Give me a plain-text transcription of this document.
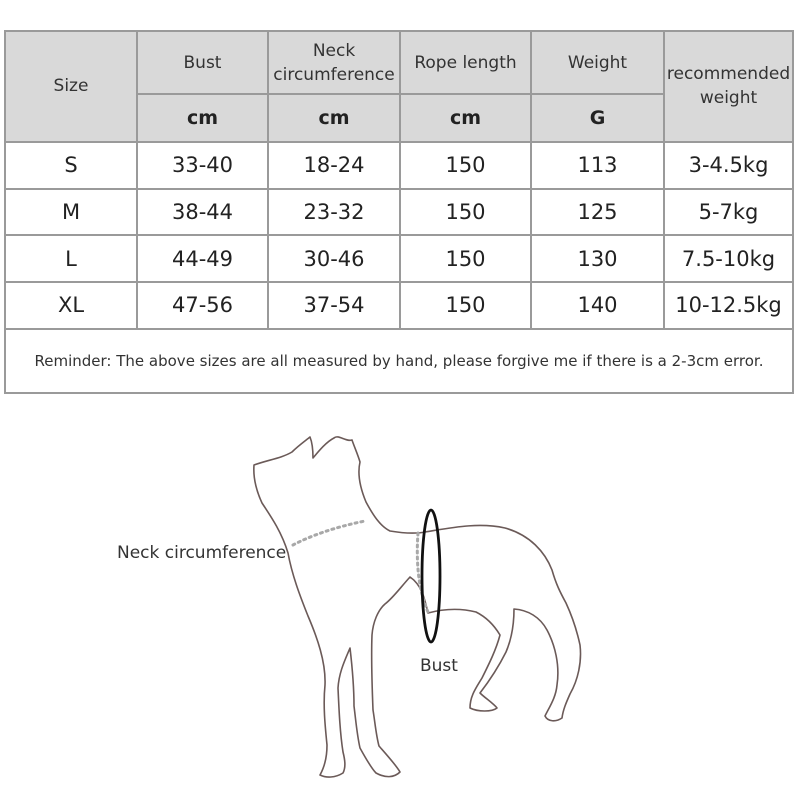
Size	Bust	Neck circumference	Rope length	Weight	recommended weight
	cm	cm	cm	G	
S	33-40	18-24	150	113	3-4.5kg
M	38-44	23-32	150	125	5-7kg
L	44-49	30-46	150	130	7.5-10kg
XL	47-56	37-54	150	140	10-12.5kg
Reminder: The above sizes are all measured by hand, please forgive me if there is a 2-3cm error.					
Neck circumference
Bust
